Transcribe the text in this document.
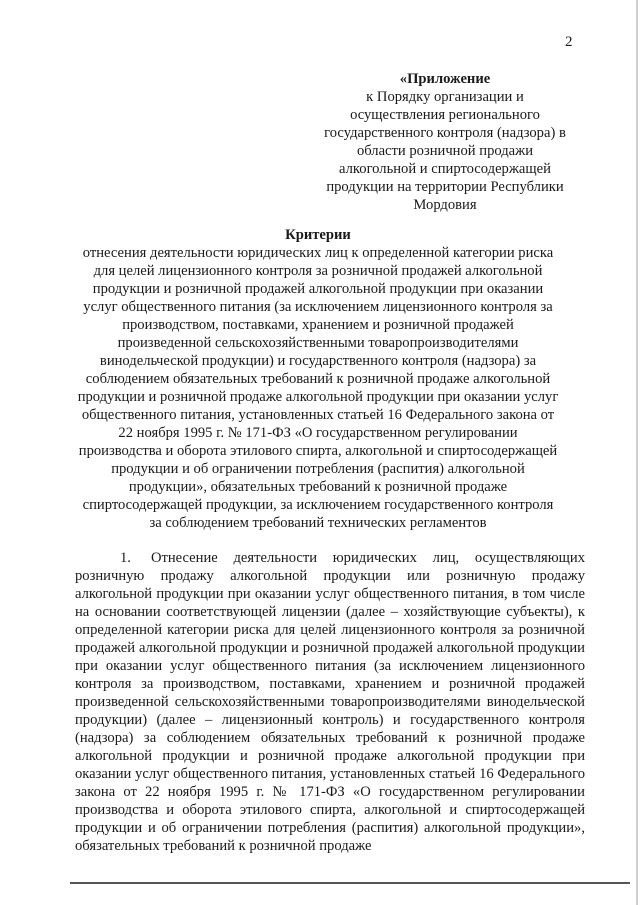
2
«Приложение
к Порядку организации и
осуществления регионального
государственного контроля (надзора) в
области розничной продажи
алкогольной и спиртосодержащей
продукции на территории Республики
Мордовия
Критерии
отнесения деятельности юридических лиц к определенной категории риска
для целей лицензионного контроля за розничной продажей алкогольной
продукции и розничной продажей алкогольной продукции при оказании
услуг общественного питания (за исключением лицензионного контроля за
производством, поставками, хранением и розничной продажей
произведенной сельскохозяйственными товаропроизводителями
винодельческой продукции) и государственного контроля (надзора) за
соблюдением обязательных требований к розничной продаже алкогольной
продукции и розничной продаже алкогольной продукции при оказании услуг
общественного питания, установленных статьей 16 Федерального закона от
22 ноября 1995 г. № 171-ФЗ «О государственном регулировании
производства и оборота этилового спирта, алкогольной и спиртосодержащей
продукции и об ограничении потребления (распития) алкогольной
продукции», обязательных требований к розничной продаже
спиртосодержащей продукции, за исключением государственного контроля
за соблюдением требований технических регламентов

1. Отнесение деятельности юридических лиц, осуществляющих розничную продажу алкогольной продукции или розничную продажу алкогольной продукции при оказании услуг общественного питания, в том числе на основании соответствующей лицензии (далее – хозяйствующие субъекты), к определенной категории риска для целей лицензионного контроля за розничной продажей алкогольной продукции и розничной продажей алкогольной продукции при оказании услуг общественного питания (за исключением лицензионного контроля за производством, поставками, хранением и розничной продажей произведенной сельскохозяйственными товаропроизводителями винодельческой продукции) (далее – лицензионный контроль) и государственного контроля (надзора) за соблюдением обязательных требований к розничной продаже алкогольной продукции и розничной продаже алкогольной продукции при оказании услуг общественного питания, установленных статьей 16 Федерального закона от 22 ноября 1995 г. № 171-ФЗ «О государственном регулировании производства и оборота этилового спирта, алкогольной и спиртосодержащей продукции и об ограничении потребления (распития) алкогольной продукции», обязательных требований к розничной продаже
